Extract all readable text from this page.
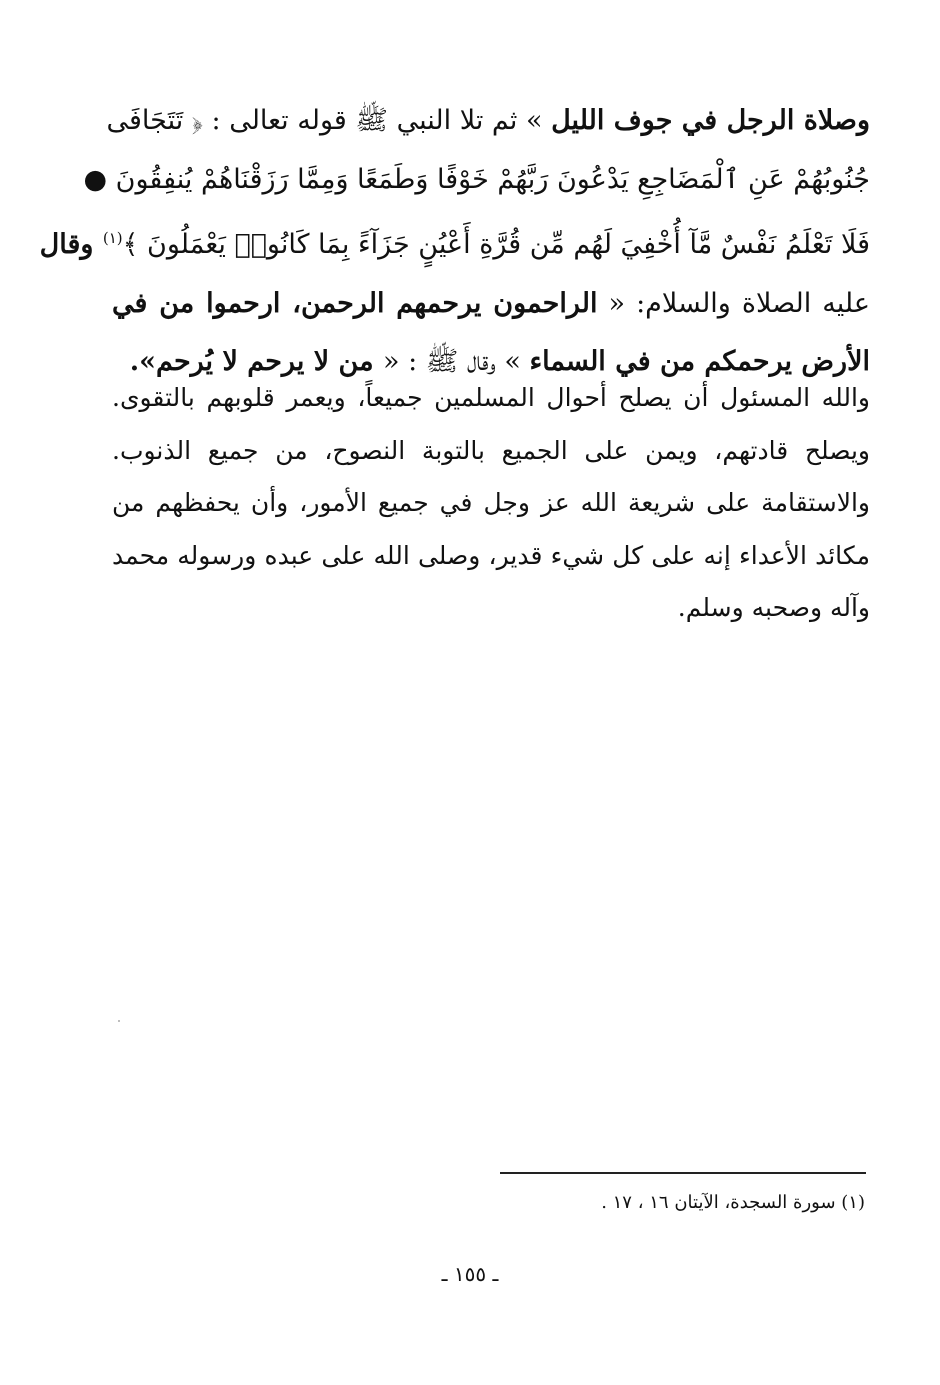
وصلاة الرجل في جوف الليل » ثم تلا النبي ﷺ قوله تعالى : ﴿ تَتَجَافَى
جُنُوبُهُمْ عَنِ ٱلْمَضَاجِعِ يَدْعُونَ رَبَّهُمْ خَوْفًا وَطَمَعًا وَمِمَّا رَزَقْنَاهُمْ يُنفِقُونَ ●
فَلَا تَعْلَمُ نَفْسٌ مَّآ أُخْفِيَ لَهُم مِّن قُرَّةِ أَعْيُنٍ جَزَآءً بِمَا كَانُوا۟ يَعْمَلُونَ ﴾$^{(١)}$ وقال
عليه الصلاة والسلام: « الراحمون يرحمهم الرحمن، ارحموا من في
الأرض يرحمكم من في السماء » وقال ﷺ : « من لا يرحم لا يُرحم».
والله المسئول أن يصلح أحوال المسلمين جميعاً، ويعمر قلوبهم بالتقوى.
ويصلح قادتهم، ويمن على الجميع بالتوبة النصوح، من جميع الذنوب.
والاستقامة على شريعة الله عز وجل في جميع الأمور، وأن يحفظهم من
مكائد الأعداء إنه على كل شيء قدير، وصلى الله على عبده ورسوله محمد
وآله وصحبه وسلم.
(١) سورة السجدة، الآيتان ١٦ ، ١٧ .
ـ ١٥٥ ـ
